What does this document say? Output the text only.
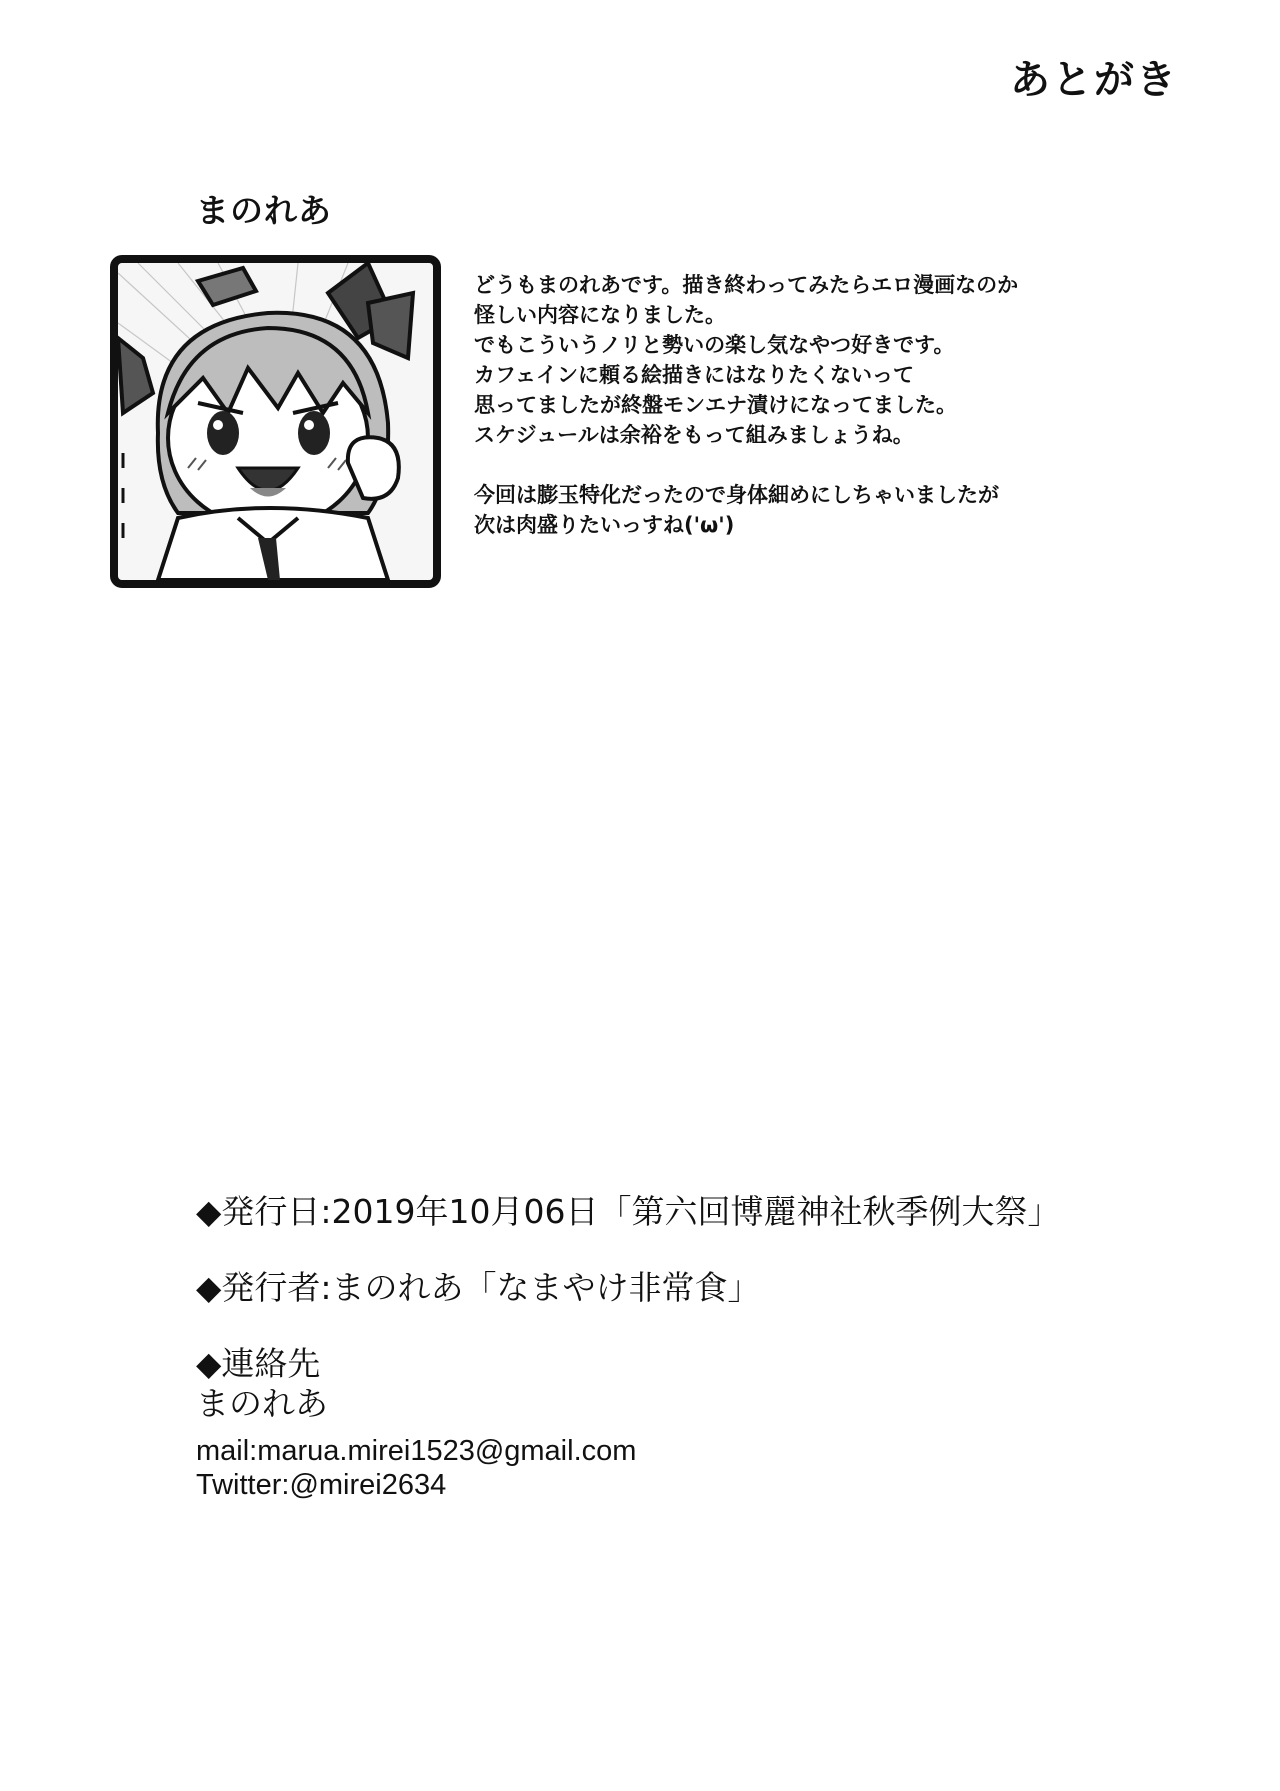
あとがき
まのれあ

どうもまのれあです。描き終わってみたらエロ漫画なのか

怪しい内容になりました。

でもこういうノリと勢いの楽し気なやつ好きです。

カフェインに頼る絵描きにはなりたくないって

思ってましたが終盤モンエナ漬けになってました。

スケジュールは余裕をもって組みましょうね。

今回は膨玉特化だったので身体細めにしちゃいましたが

次は肉盛りたいっすね('ω')

◆発行日:2019年10月06日「第六回博麗神社秋季例大祭」

◆発行者:まのれあ「なまやけ非常食」

◆連絡先
まのれあ
mail:marua.mirei1523@gmail.com
Twitter:@mirei2634
